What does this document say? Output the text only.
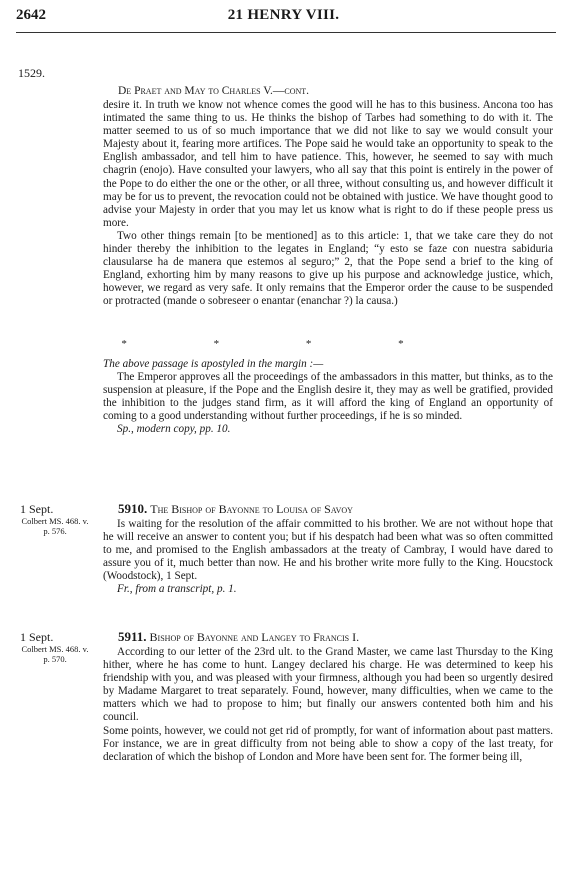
2642	21 HENRY VIII.
1529.
De Praet and May to Charles V.—cont.

desire it. In truth we know not whence comes the good will he has to this business. Ancona too has intimated the same thing to us. He thinks the bishop of Tarbes had something to do with it. The matter seemed to us of so much importance that we did not like to say we would consult your Majesty about it, fearing more artifices. The Pope said he would take an opportunity to speak to the English ambassador, and tell him to have patience. This, however, he seemed to say with much chagrin (enojo). Have consulted your lawyers, who all say that this point is entirely in the power of the Pope to do either the one or the other, or all three, without consulting us, and however difficult it may be for us to prevent, the revocation could not be obtained with justice. We have thought good to advise your Majesty in order that you may let us know what is right to do if these people press us more.

Two other things remain [to be mentioned] as to this article: 1, that we take care they do not hinder thereby the inhibition to the legates in England; “y esto se faze con nuestra sabiduria clausularse ha de manera que estemos al seguro;” 2, that the Pope send a brief to the king of England, exhorting him by many reasons to give up his purpose and acknowledge justice, which, however, we regard as very safe. It only remains that the Emperor order the cause to be suspended or protracted (mande o sobreseer o enantar (enanchar ?) la causa.)

* * * *

The above passage is apostyled in the margin :—

The Emperor approves all the proceedings of the ambassadors in this matter, but thinks, as to the suspension at pleasure, if the Pope and the English desire it, they may as well be gratified, provided the inhibition to the judges stand firm, as it will afford the king of England an opportunity of coming to a good understanding without further proceedings, if he is so minded.

Sp., modern copy, pp. 10.

1 Sept.
Colbert MS. 468. v. p. 576.
5910. The Bishop of Bayonne to Louisa of Savoy

Is waiting for the resolution of the affair committed to his brother. We are not without hope that he will receive an answer to content you; but if his despatch had been what was so often committed to me, and promised to the English ambassadors at the treaty of Cambray, I would have dared to assure you of it, much better than now. He and his brother write more fully to the King. Houcstock (Woodstock), 1 Sept.

Fr., from a transcript, p. 1.

1 Sept.
Colbert MS. 468. v. p. 570.
5911. Bishop of Bayonne and Langey to Francis I.

According to our letter of the 23rd ult. to the Grand Master, we came last Thursday to the King hither, where he has come to hunt. Langey declared his charge. He was determined to keep his friendship with you, and was pleased with your firmness, although you had been so urgently desired by Madame Margaret to treat separately. Found, however, many difficulties, when we came to the matters which we had to propose to him; but finally our answers contented both him and his council.

Some points, however, we could not get rid of promptly, for want of information about past matters. For instance, we are in great difficulty from not being able to show a copy of the last treaty, for declaration of which the bishop of London and More have been sent for. The former being ill,
